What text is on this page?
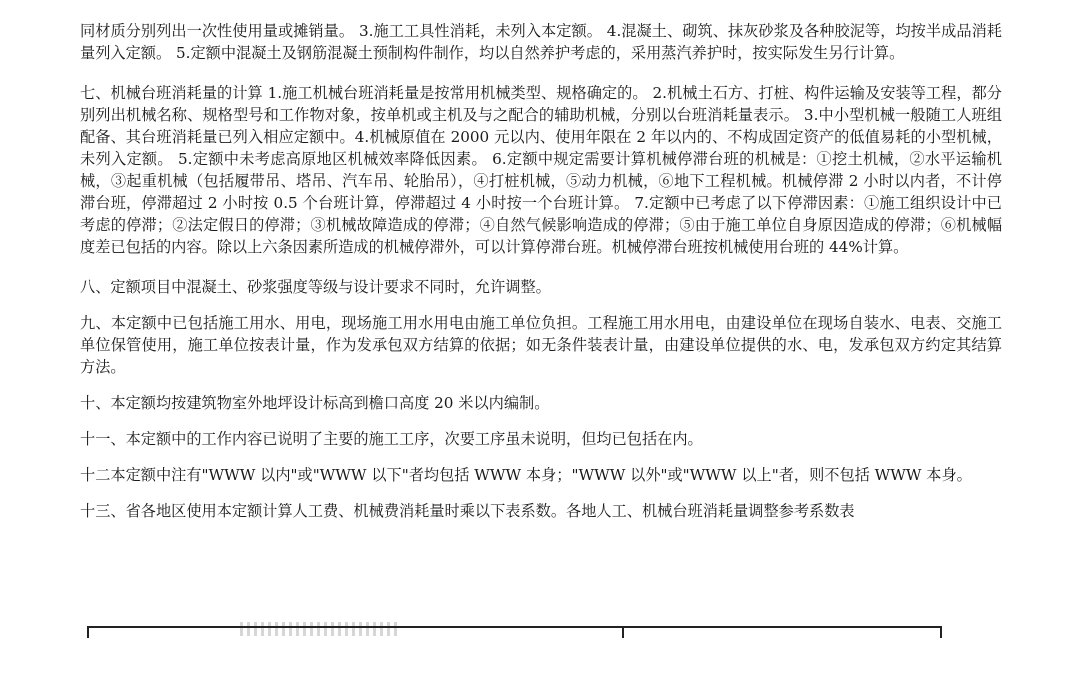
同材质分别列出一次性使用量或摊销量。 3.施工工具性消耗，未列入本定额。 4.混凝土、砌筑、抹灰砂浆及各种胶泥等，均按半成品消耗量列入定额。 5.定额中混凝土及钢筋混凝土预制构件制作，均以自然养护考虑的，采用蒸汽养护时，按实际发生另行计算。

七、机械台班消耗量的计算 1.施工机械台班消耗量是按常用机械类型、规格确定的。 2.机械土石方、打桩、构件运输及安装等工程，都分别列出机械名称、规格型号和工作物对象，按单机或主机及与之配合的辅助机械，分别以台班消耗量表示。 3.中小型机械一般随工人班组配备、其台班消耗量已列入相应定额中。4.机械原值在 2000 元以内、使用年限在 2 年以内的、不构成固定资产的低值易耗的小型机械，未列入定额。 5.定额中未考虑高原地区机械效率降低因素。 6.定额中规定需要计算机械停滞台班的机械是：①挖土机械，②水平运输机械，③起重机械（包括履带吊、塔吊、汽车吊、轮胎吊），④打桩机械，⑤动力机械，⑥地下工程机械。机械停滞 2 小时以内者，不计停滞台班，停滞超过 2 小时按 0.5 个台班计算，停滞超过 4 小时按一个台班计算。 7.定额中已考虑了以下停滞因素：①施工组织设计中已考虑的停滞；②法定假日的停滞；③机械故障造成的停滞；④自然气候影响造成的停滞；⑤由于施工单位自身原因造成的停滞；⑥机械幅度差已包括的内容。除以上六条因素所造成的机械停滞外，可以计算停滞台班。机械停滞台班按机械使用台班的 44%计算。

八、定额项目中混凝土、砂浆强度等级与设计要求不同时，允许调整。

九、本定额中已包括施工用水、用电，现场施工用水用电由施工单位负担。工程施工用水用电，由建设单位在现场自装水、电表、交施工单位保管使用，施工单位按表计量，作为发承包双方结算的依据；如无条件装表计量，由建设单位提供的水、电，发承包双方约定其结算方法。

十、本定额均按建筑物室外地坪设计标高到檐口高度 20 米以内编制。

十一、本定额中的工作内容已说明了主要的施工工序，次要工序虽未说明，但均已包括在内。

十二本定额中注有"WWW 以内"或"WWW 以下"者均包括 WWW 本身；"WWW 以外"或"WWW 以上"者，则不包括 WWW 本身。

十三、省各地区使用本定额计算人工费、机械费消耗量时乘以下表系数。各地人工、机械台班消耗量调整参考系数表
